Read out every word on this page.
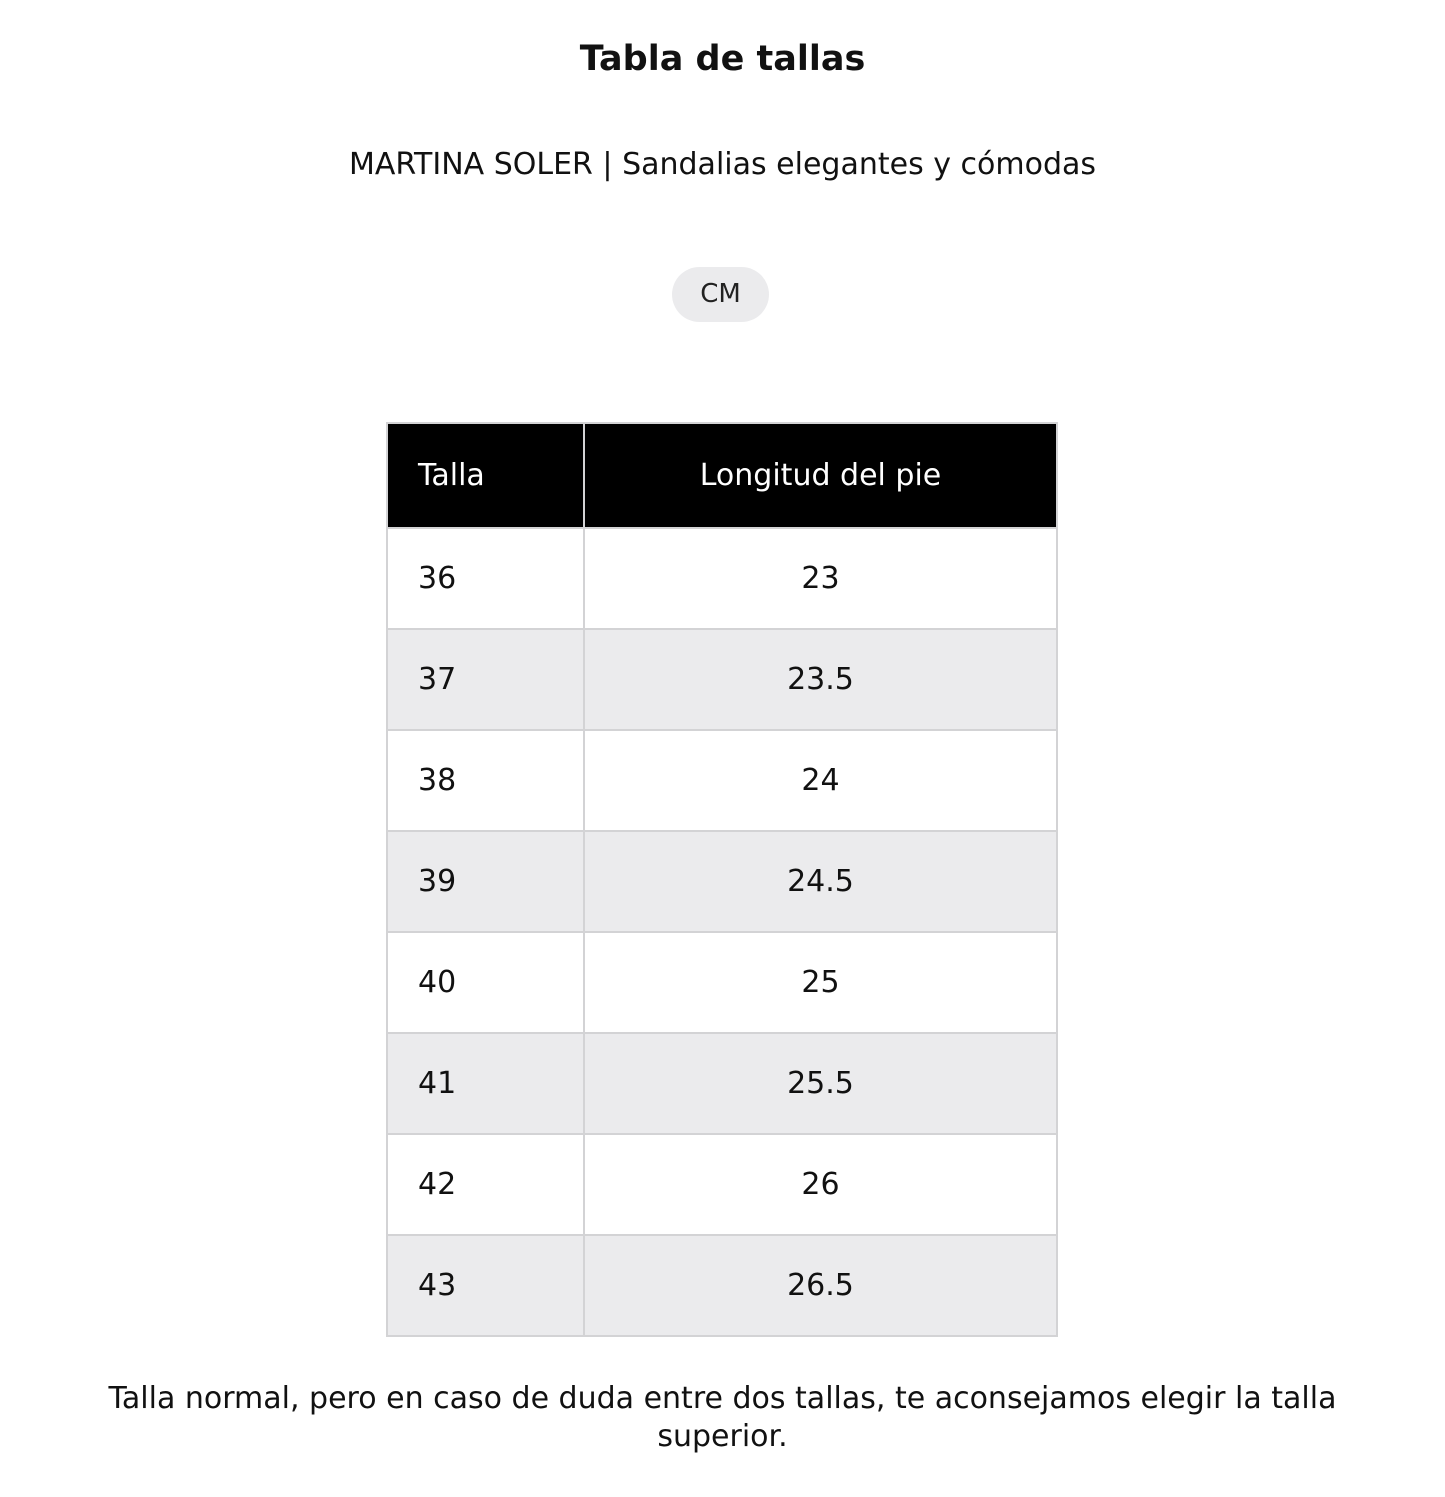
Tabla de tallas
MARTINA SOLER | Sandalias elegantes y cómodas
CM
Talla	Longitud del pie
36	23
37	23.5
38	24
39	24.5
40	25
41	25.5
42	26
43	26.5
Talla normal, pero en caso de duda entre dos tallas, te aconsejamos elegir la talla superior.
